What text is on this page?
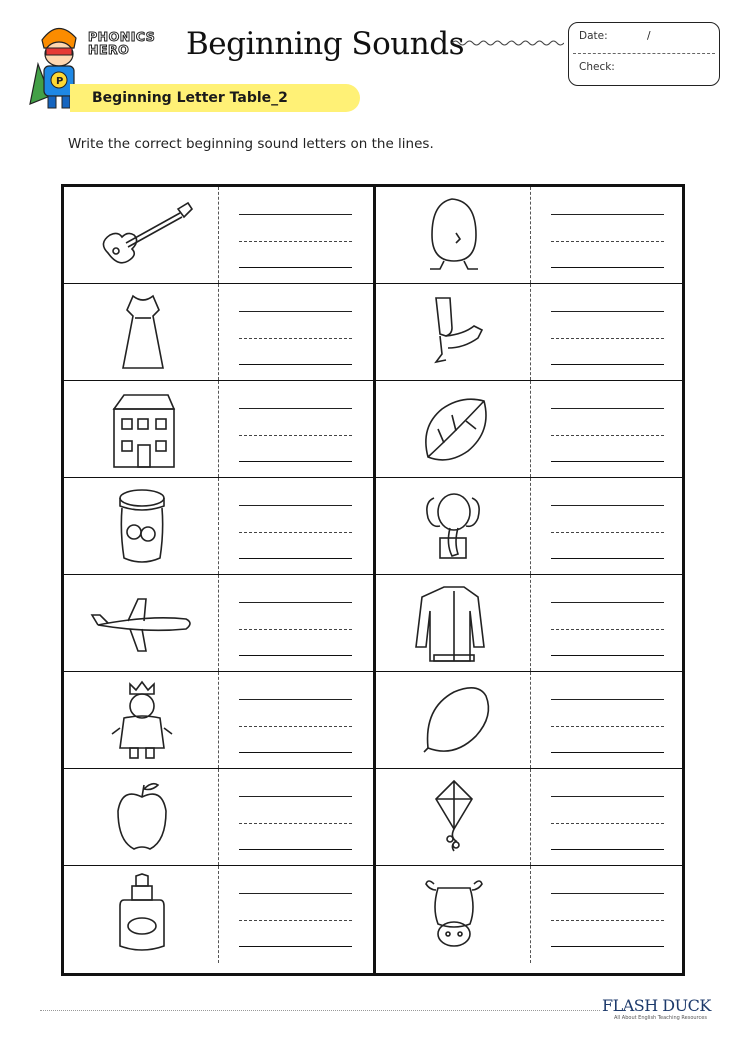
P
PHONICS
HERO	Beginning Sounds	Date:	/
Check:
Beginning Letter Table_2
Write the correct beginning sound letters on the lines.
FLASH DUCK
All About English Teaching Resources
